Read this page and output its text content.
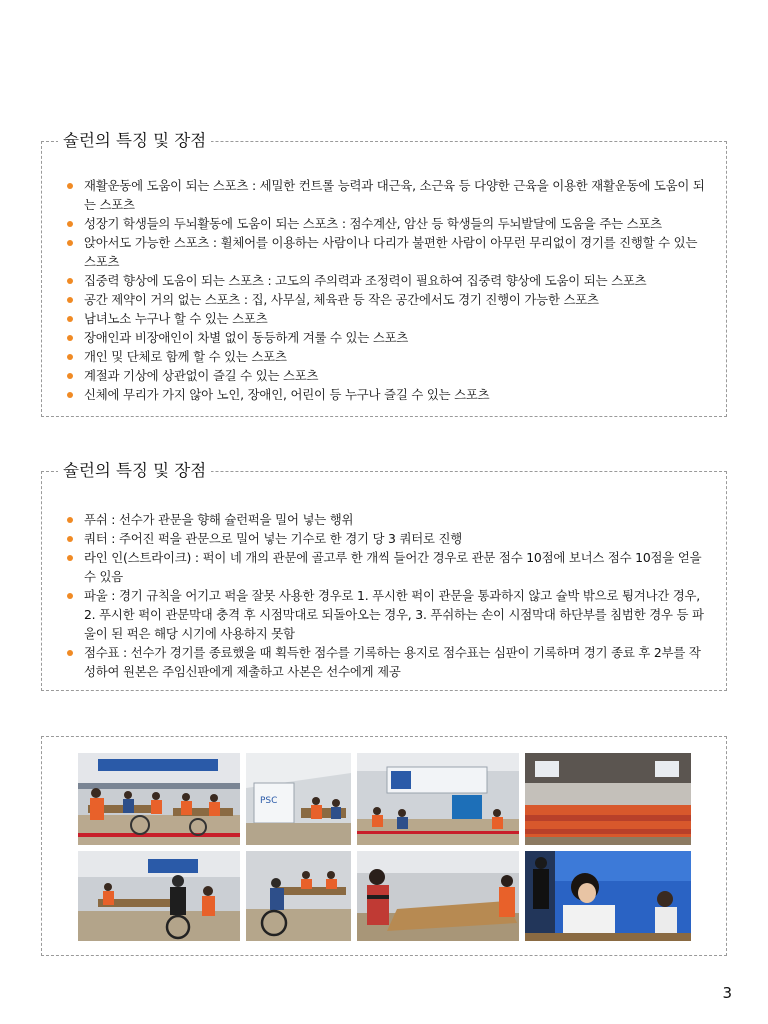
슐런의 특징 및 장점
재활운동에 도움이 되는 스포츠 : 세밀한 컨트롤 능력과 대근육, 소근육 등 다양한 근육을 이용한 재활운동에 도움이 되는 스포츠
성장기 학생들의 두뇌활동에 도움이 되는 스포츠 : 점수계산, 암산 등 학생들의 두뇌발달에 도움을 주는 스포츠
앉아서도 가능한 스포츠 : 휠체어를 이용하는 사람이나 다리가 불편한 사람이 아무런 무리없이 경기를 진행할 수 있는 스포츠
집중력 향상에 도움이 되는 스포츠 : 고도의 주의력과 조정력이 필요하여 집중력 향상에 도움이 되는 스포츠
공간 제약이 거의 없는 스포츠 : 집, 사무실, 체육관 등 작은 공간에서도 경기 진행이 가능한 스포츠
남녀노소 누구나 할 수 있는 스포츠
장애인과 비장애인이 차별 없이 동등하게 겨룰 수 있는 스포츠
개인 및 단체로 함께 할 수 있는 스포츠
계절과 기상에 상관없이 즐길 수 있는 스포츠
신체에 무리가 가지 않아 노인, 장애인, 어린이 등 누구나 즐길 수 있는 스포츠
슐런의 특징 및 장점
푸쉬 : 선수가 관문을 향해 슐런퍽을 밀어 넣는 행위
쿼터 : 주어진 퍽을 관문으로 밀어 넣는 기수로 한 경기 당 3 쿼터로 진행
라인 인(스트라이크) : 퍽이 네 개의 관문에 골고루 한 개씩 들어간 경우로 관문 점수 10점에 보너스 점수 10점을 얻을 수 있음
파울 : 경기 규칙을 어기고 퍽을 잘못 사용한 경우로 1. 푸시한 퍽이 관문을 통과하지 않고 슐박 밖으로 튕겨나간 경우, 2. 푸시한 퍽이 관문막대 충격 후 시점막대로 되돌아오는 경우, 3. 푸쉬하는 손이 시점막대 하단부를 침범한 경우 등 파울이 된 퍽은 해당 시기에 사용하지 못함
점수표 : 선수가 경기를 종료했을 때 획득한 점수를 기록하는 용지로 점수표는 심판이 기록하며 경기 종료 후 2부를 작성하여 원본은 주임신판에게 제출하고 사본은 선수에게 제공
PSC
3
